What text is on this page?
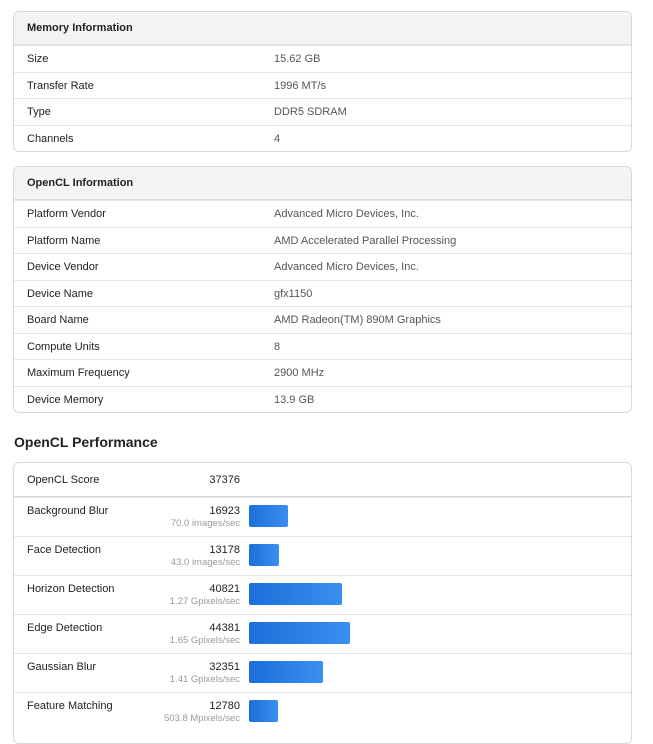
Memory Information
Size	15.62 GB
Transfer Rate	1996 MT/s
Type	DDR5 SDRAM
Channels	4
OpenCL Information
Platform Vendor	Advanced Micro Devices, Inc.
Platform Name	AMD Accelerated Parallel Processing
Device Vendor	Advanced Micro Devices, Inc.
Device Name	gfx1150
Board Name	AMD Radeon(TM) 890M Graphics
Compute Units	8
Maximum Frequency	2900 MHz
Device Memory	13.9 GB
OpenCL Performance
OpenCL Score	37376
Background Blur	16923
70.0 images/sec
Face Detection	13178
43.0 images/sec
Horizon Detection	40821
1.27 Gpixels/sec
Edge Detection	44381
1.65 Gpixels/sec
Gaussian Blur	32351
1.41 Gpixels/sec
Feature Matching	12780
503.8 Mpixels/sec
